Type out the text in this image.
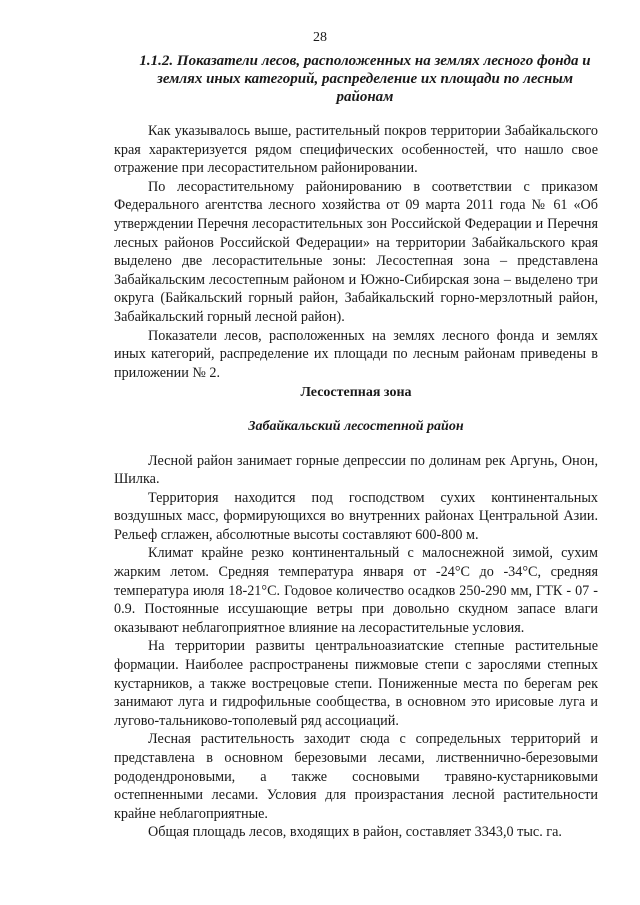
28
1.1.2. Показатели лесов, расположенных на землях лесного фонда и землях иных категорий, распределение их площади по лесным районам

Как указывалось выше, растительный покров территории Забайкальского края характеризуется рядом специфических особенностей, что нашло свое отражение при лесорастительном районировании.

По лесорастительному районированию в соответствии с приказом Федерального агентства лесного хозяйства от 09 марта 2011 года № 61 «Об утверждении Перечня лесорастительных зон Российской Федерации и Перечня лесных районов Российской Федерации» на территории Забайкальского края выделено две лесорастительные зоны: Лесостепная зона – представлена Забайкальским лесостепным районом и Южно-Сибирская зона – выделено три округа (Байкальский горный район, Забайкальский горно-мерзлотный район, Забайкальский горный лесной район).

Показатели лесов, расположенных на землях лесного фонда и землях иных категорий, распределение их площади по лесным районам приведены в приложении № 2.

Лесостепная зона
Забайкальский лесостепной район

Лесной район занимает горные депрессии по долинам рек Аргунь, Онон, Шилка.

Территория находится под господством сухих континентальных воздушных масс, формирующихся во внутренних районах Центральной Азии. Рельеф сглажен, абсолютные высоты составляют 600-800 м.

Климат крайне резко континентальный с малоснежной зимой, сухим жарким летом. Средняя температура января от -24°С до -34°С, средняя температура июля 18-21°С. Годовое количество осадков 250-290 мм, ГТК - 07 - 0.9. Постоянные иссушающие ветры при довольно скудном запасе влаги оказывают неблагоприятное влияние на лесорастительные условия.

На территории развиты центральноазиатские степные растительные формации. Наиболее распространены пижмовые степи с зарослями степных кустарников, а также вострецовые степи. Пониженные места по берегам рек занимают луга и гидрофильные сообщества, в основном это ирисовые луга и лугово-тальниково-тополевый ряд ассоциаций.

Лесная растительность заходит сюда с сопредельных территорий и представлена в основном березовыми лесами, лиственнично-березовыми рододендроновыми, а также сосновыми травяно-кустарниковыми остепненными лесами. Условия для произрастания лесной растительности крайне неблагоприятные.

Общая площадь лесов, входящих в район, составляет 3343,0 тыс. га.
